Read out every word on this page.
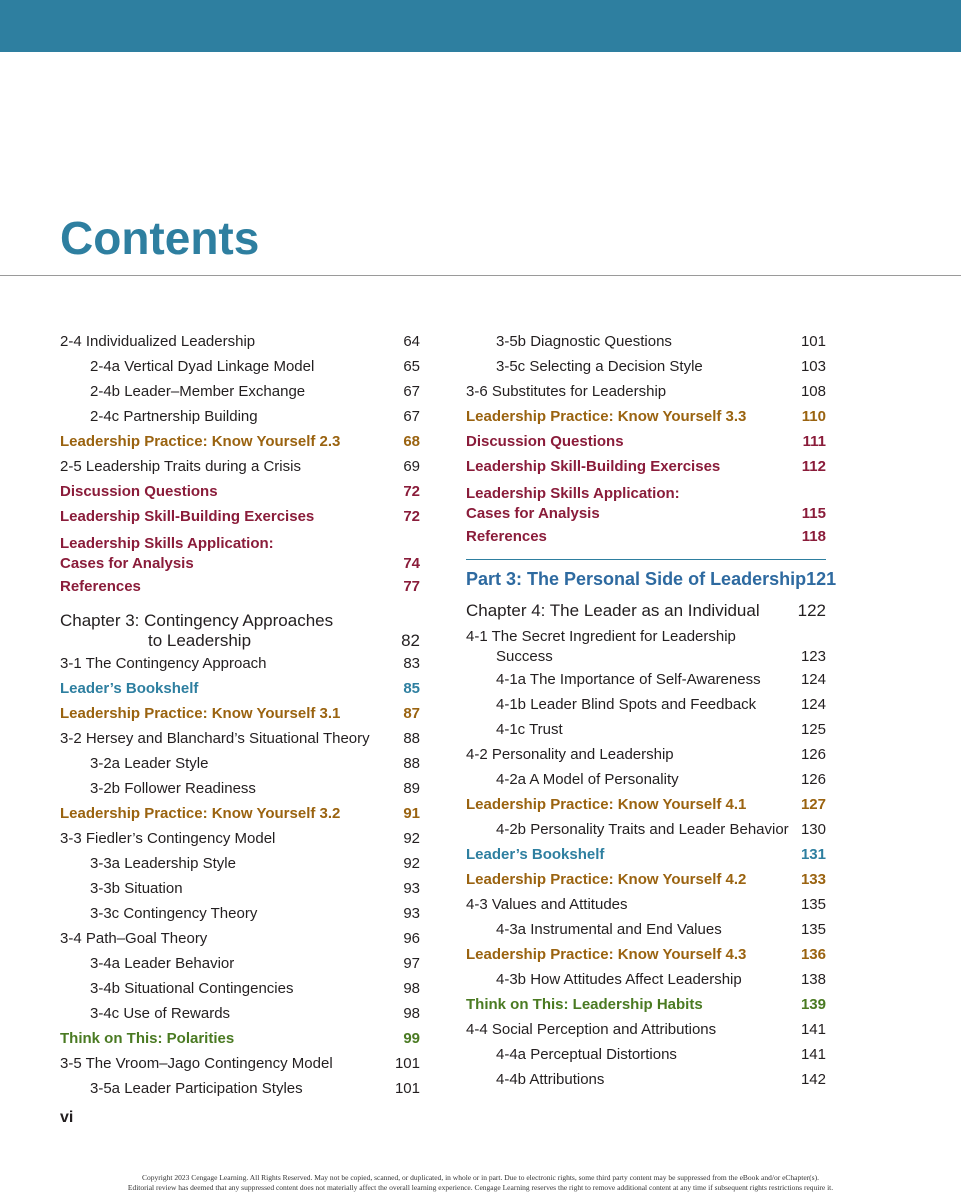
Contents
2-4 Individualized Leadership	64
2-4a Vertical Dyad Linkage Model	65
2-4b Leader–Member Exchange	67
2-4c Partnership Building	67
Leadership Practice: Know Yourself 2.3	68
2-5 Leadership Traits during a Crisis	69
Discussion Questions	72
Leadership Skill-Building Exercises	72
Leadership Skills Application:
Cases for Analysis	74
References	77
Chapter 3: Contingency Approaches
to Leadership	82
3-1 The Contingency Approach	83
Leader’s Bookshelf	85
Leadership Practice: Know Yourself 3.1	87
3-2 Hersey and Blanchard’s Situational Theory	88
3-2a Leader Style	88
3-2b Follower Readiness	89
Leadership Practice: Know Yourself 3.2	91
3-3 Fiedler’s Contingency Model	92
3-3a Leadership Style	92
3-3b Situation	93
3-3c Contingency Theory	93
3-4 Path–Goal Theory	96
3-4a Leader Behavior	97
3-4b Situational Contingencies	98
3-4c Use of Rewards	98
Think on This: Polarities	99
3-5 The Vroom–Jago Contingency Model	101
3-5a Leader Participation Styles	101
3-5b Diagnostic Questions	101
3-5c Selecting a Decision Style	103
3-6 Substitutes for Leadership	108
Leadership Practice: Know Yourself 3.3	110
Discussion Questions	111
Leadership Skill-Building Exercises	112
Leadership Skills Application:
Cases for Analysis	115
References	118
Part 3: The Personal Side of Leadership 121
Chapter 4: The Leader as an Individual	122
4-1 The Secret Ingredient for Leadership
Success	123
4-1a The Importance of Self-Awareness	124
4-1b Leader Blind Spots and Feedback	124
4-1c Trust	125
4-2 Personality and Leadership	126
4-2a A Model of Personality	126
Leadership Practice: Know Yourself 4.1	127
4-2b Personality Traits and Leader Behavior 130
Leader’s Bookshelf	131
Leadership Practice: Know Yourself 4.2	133
4-3 Values and Attitudes	135
4-3a Instrumental and End Values	135
Leadership Practice: Know Yourself 4.3	136
4-3b How Attitudes Affect Leadership	138
Think on This: Leadership Habits	139
4-4 Social Perception and Attributions	141
4-4a Perceptual Distortions	141
4-4b Attributions	142
vi
Copyright 2023 Cengage Learning. All Rights Reserved. May not be copied, scanned, or duplicated, in whole or in part. Due to electronic rights, some third party content may be suppressed from the eBook and/or eChapter(s).
Editorial review has deemed that any suppressed content does not materially affect the overall learning experience. Cengage Learning reserves the right to remove additional content at any time if subsequent rights restrictions require it.
